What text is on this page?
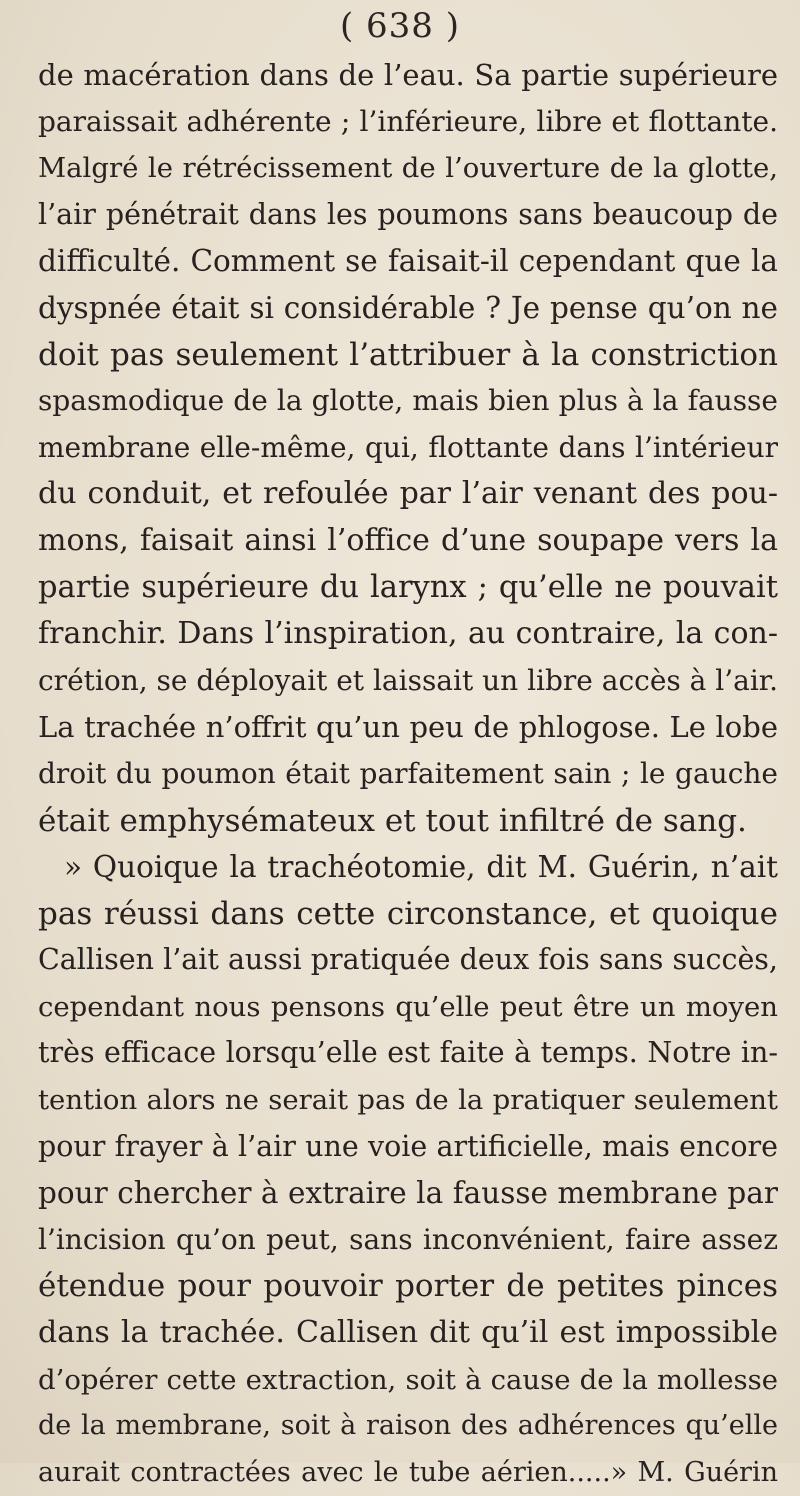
( 638 )
de macération dans de l’eau. Sa partie supérieure
paraissait adhérente ; l’inférieure, libre et flottante.
Malgré le rétrécissement de l’ouverture de la glotte,
l’air pénétrait dans les poumons sans beaucoup de
difficulté. Comment se faisait-il cependant que la
dyspnée était si considérable ? Je pense qu’on ne
doit pas seulement l’attribuer à la constriction
spasmodique de la glotte, mais bien plus à la fausse
membrane elle-même, qui, flottante dans l’intérieur
du conduit, et refoulée par l’air venant des pou-
mons, faisait ainsi l’office d’une soupape vers la
partie supérieure du larynx ; qu’elle ne pouvait
franchir. Dans l’inspiration, au contraire, la con-
crétion, se déployait et laissait un libre accès à l’air.
La trachée n’offrit qu’un peu de phlogose. Le lobe
droit du poumon était parfaitement sain ; le gauche
était emphysémateux et tout infiltré de sang.
» Quoique la trachéotomie, dit M. Guérin, n’ait
pas réussi dans cette circonstance, et quoique
Callisen l’ait aussi pratiquée deux fois sans succès,
cependant nous pensons qu’elle peut être un moyen
très efficace lorsqu’elle est faite à temps. Notre in-
tention alors ne serait pas de la pratiquer seulement
pour frayer à l’air une voie artificielle, mais encore
pour chercher à extraire la fausse membrane par
l’incision qu’on peut, sans inconvénient, faire assez
étendue pour pouvoir porter de petites pinces
dans la trachée. Callisen dit qu’il est impossible
d’opérer cette extraction, soit à cause de la mollesse
de la membrane, soit à raison des adhérences qu’elle
aurait contractées avec le tube aérien.....» M. Guérin
